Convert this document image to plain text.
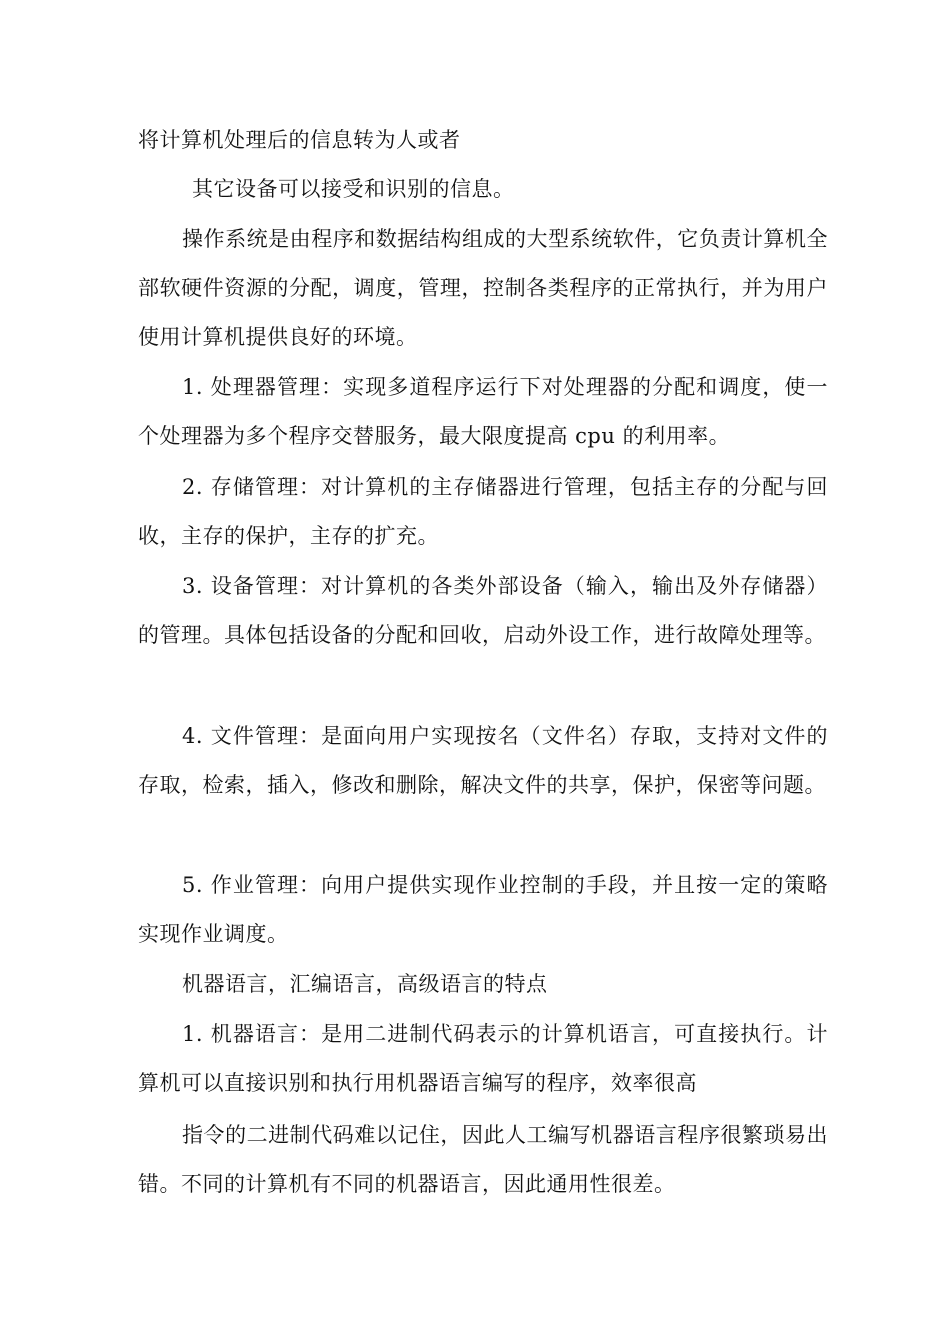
将计算机处理后的信息转为人或者

其它设备可以接受和识别的信息。

操作系统是由程序和数据结构组成的大型系统软件，它负责计算机全部软硬件资源的分配，调度，管理，控制各类程序的正常执行，并为用户使用计算机提供良好的环境。

1. 处理器管理：实现多道程序运行下对处理器的分配和调度，使一个处理器为多个程序交替服务，最大限度提高 cpu 的利用率。

2. 存储管理：对计算机的主存储器进行管理，包括主存的分配与回收，主存的保护，主存的扩充。

3. 设备管理：对计算机的各类外部设备（输入，输出及外存储器）的管理。具体包括设备的分配和回收，启动外设工作，进行故障处理等。

4. 文件管理：是面向用户实现按名（文件名）存取，支持对文件的存取，检索，插入，修改和删除，解决文件的共享，保护，保密等问题。

5. 作业管理：向用户提供实现作业控制的手段，并且按一定的策略实现作业调度。

机器语言，汇编语言，高级语言的特点

1. 机器语言：是用二进制代码表示的计算机语言，可直接执行。计算机可以直接识别和执行用机器语言编写的程序，效率很高

指令的二进制代码难以记住，因此人工编写机器语言程序很繁琐易出错。不同的计算机有不同的机器语言，因此通用性很差。
